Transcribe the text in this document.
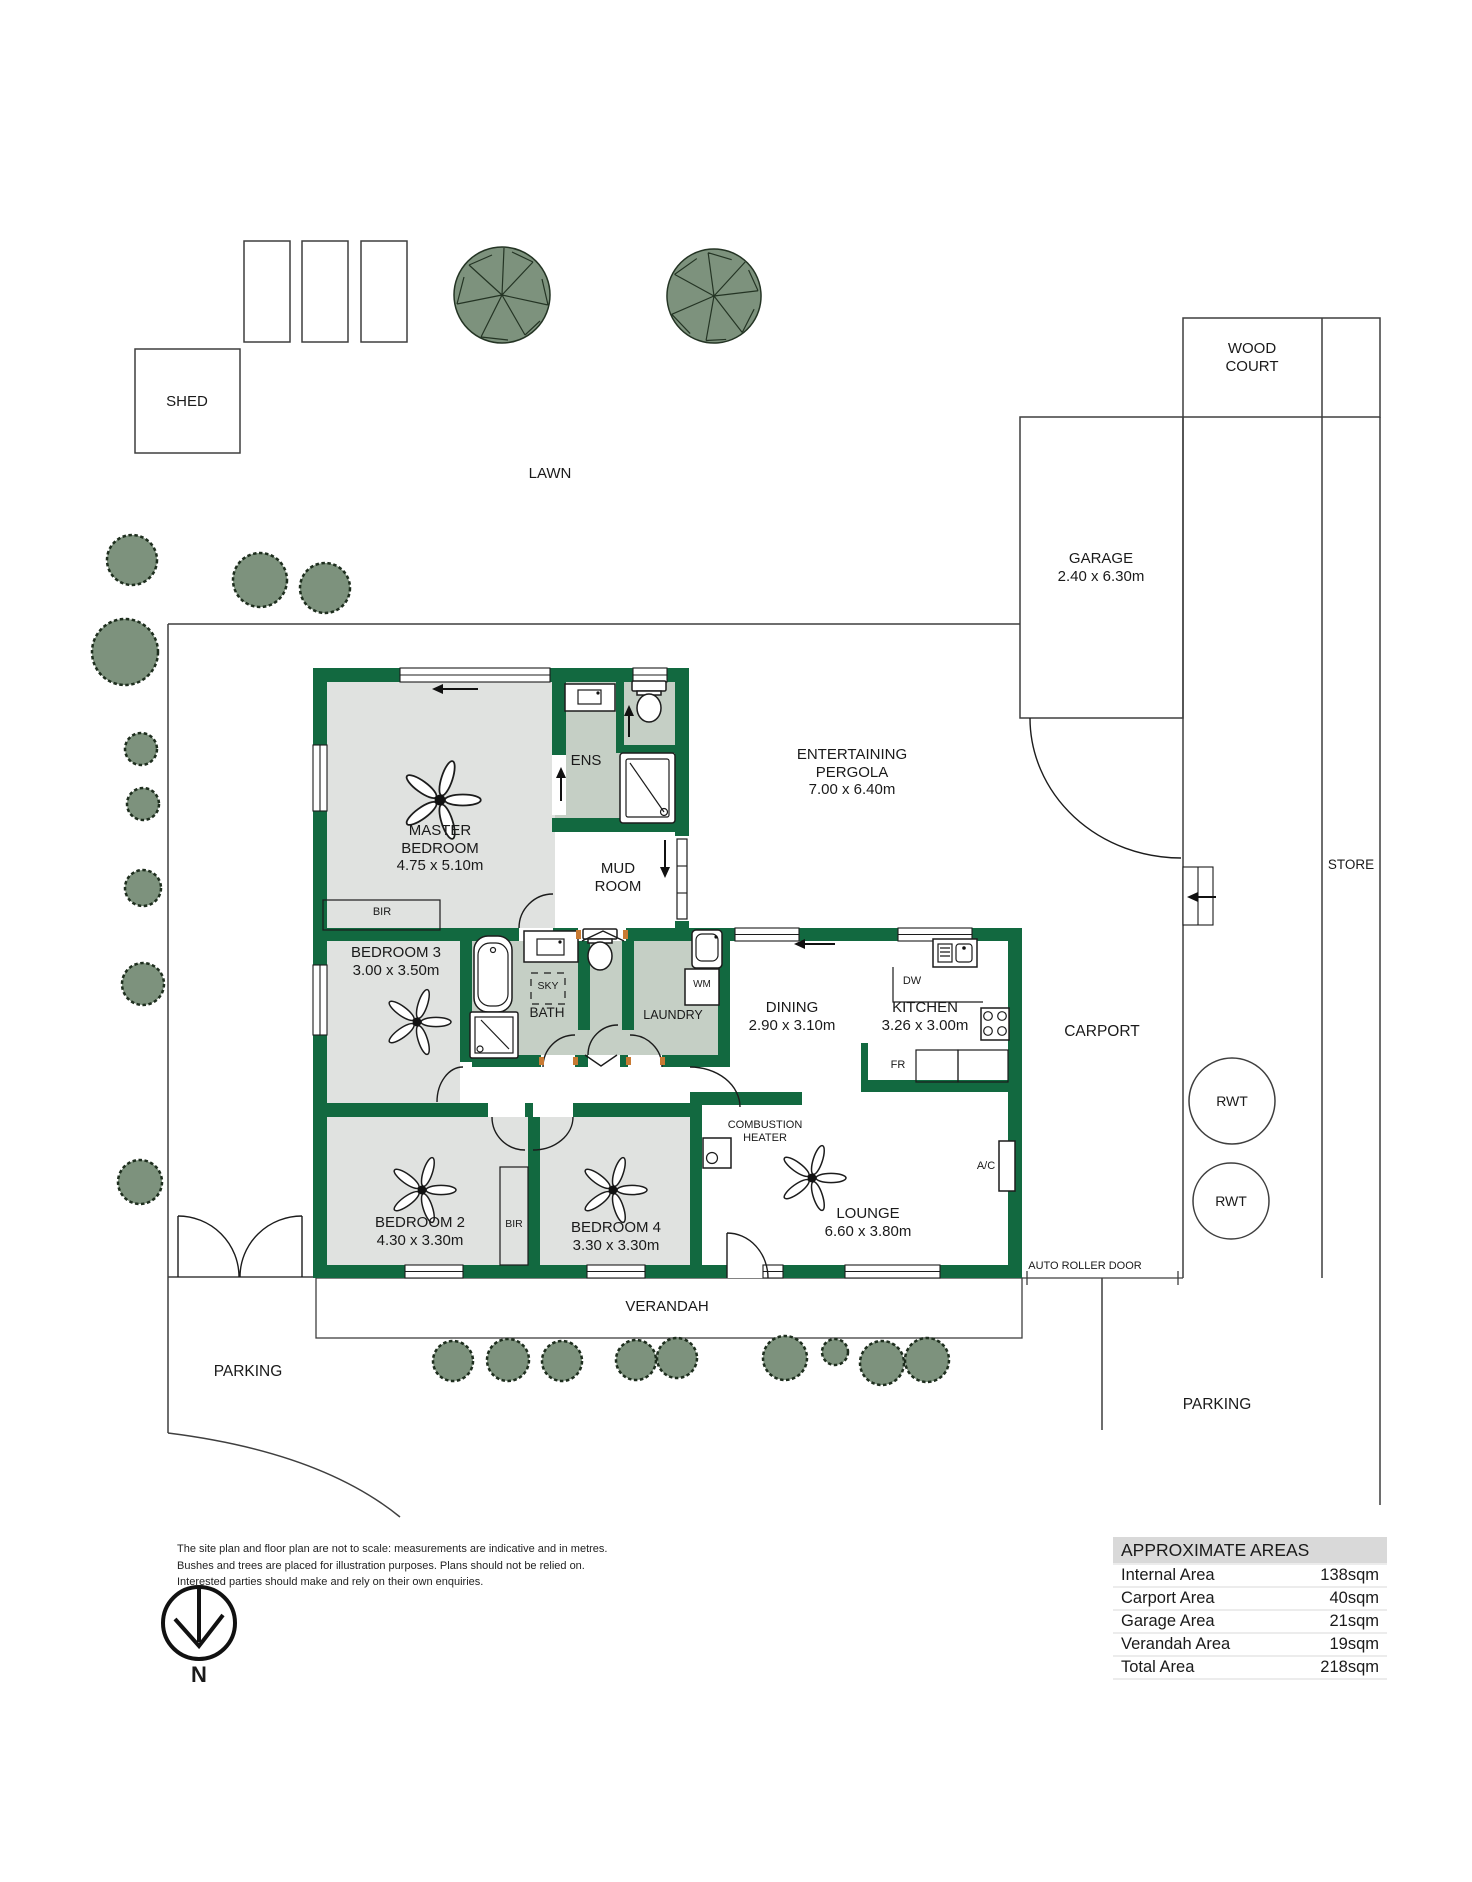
SHED
LAWN
WOOD COURT
STORE
CARPORT
PARKING
PARKING
AUTO ROLLER DOOR
RWT
RWT
GARAGE
2.40 x 6.30m
ENTERTAINING PERGOLA
7.00 x 6.40m
MASTER BEDROOM
4.75 x 5.10m
ENS
MUD ROOM
BEDROOM 3
3.00 x 3.50m
BATH
SKY
LAUNDRY	DINING
2.90 x 3.10m
KITCHEN
3.26 x 3.00m
BEDROOM 2
4.30 x 3.30m
BEDROOM 4
3.30 x 3.30m
LOUNGE
6.60 x 3.80m
VERANDAH
BIR
BIR
WM	DW
FR
A/C
COMBUSTION HEATER
The site plan and floor plan are not to scale: measurements are indicative and in metres.
Bushes and trees are placed for illustration purposes. Plans should not be relied on.
Interested parties should make and rely on their own enquiries.
N
APPROXIMATE AREAS
Internal Area	138sqm
Carport Area	40sqm
Garage Area	21sqm
Verandah Area	19sqm
Total Area	218sqm
